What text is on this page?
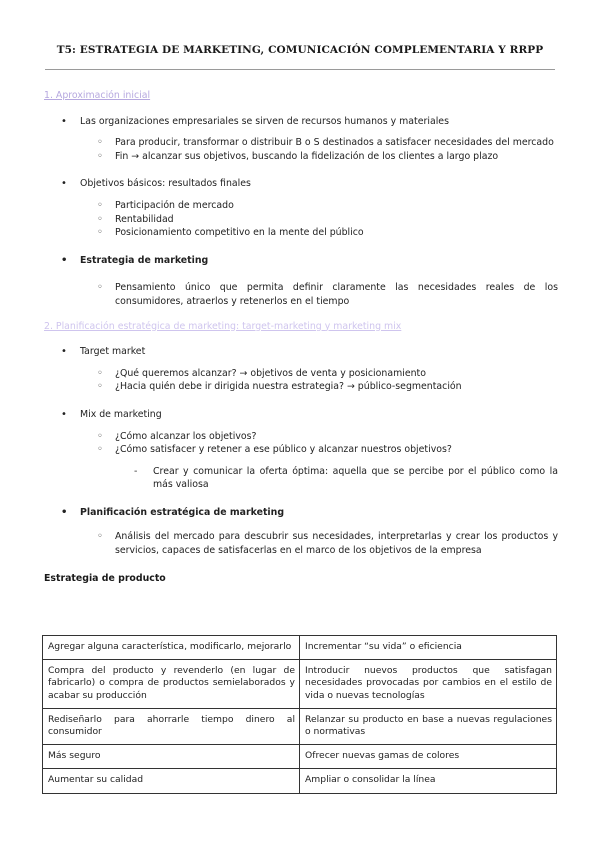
T5: ESTRATEGIA DE MARKETING, COMUNICACIÓN COMPLEMENTARIA Y RRPP

1. Aproximación inicial

• Las organizaciones empresariales se sirven de recursos humanos y materiales
◦ Para producir, transformar o distribuir B o S destinados a satisfacer necesidades del mercado
◦ Fin → alcanzar sus objetivos, buscando la fidelización de los clientes a largo plazo
• Objetivos básicos: resultados finales
◦ Participación de mercado
◦ Rentabilidad
◦ Posicionamiento competitivo en la mente del público
• Estrategia de marketing
◦ Pensamiento único que permita definir claramente las necesidades reales de los consumidores, atraerlos y retenerlos en el tiempo

2. Planificación estratégica de marketing: target-marketing y marketing mix

• Target market
◦ ¿Qué queremos alcanzar? → objetivos de venta y posicionamiento
◦ ¿Hacia quién debe ir dirigida nuestra estrategia? → público-segmentación
• Mix de marketing
◦ ¿Cómo alcanzar los objetivos?
◦ ¿Cómo satisfacer y retener a ese público y alcanzar nuestros objetivos?
- Crear y comunicar la oferta óptima: aquella que se percibe por el público como la más valiosa
• Planificación estratégica de marketing
◦ Análisis del mercado para descubrir sus necesidades, interpretarlas y crear los productos y servicios, capaces de satisfacerlas en el marco de los objetivos de la empresa

Estrategia de producto

Agregar alguna característica, modificarlo, mejorarlo	Incrementar “su vida” o eficiencia
Compra del producto y revenderlo (en lugar de fabricarlo) o compra de productos semielaborados y acabar su producción	Introducir nuevos productos que satisfagan necesidades provocadas por cambios en el estilo de vida o nuevas tecnologías
Rediseñarlo para ahorrarle tiempo dinero al consumidor	Relanzar su producto en base a nuevas regulaciones o normativas
Más seguro	Ofrecer nuevas gamas de colores
Aumentar su calidad	Ampliar o consolidar la línea
